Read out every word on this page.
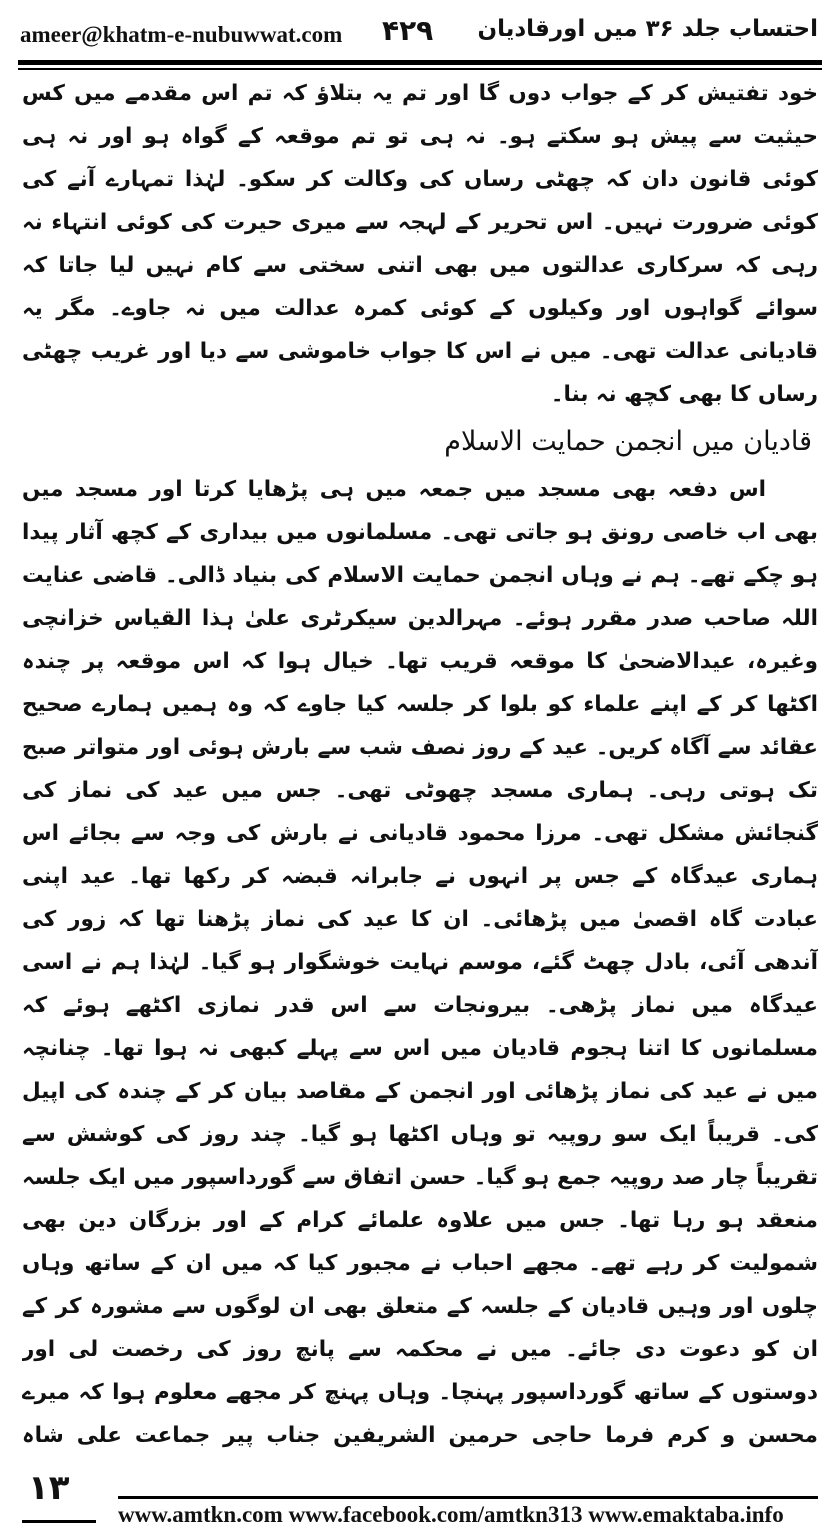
ameer@khatm-e-nubuwwat.com ۴۲۹ احتساب جلد ۳۶ میں اورقادیان

خود تفتیش کر کے جواب دوں گا اور تم یہ بتلاؤ کہ تم اس مقدمے میں کس حیثیت سے پیش ہو سکتے ہو۔ نہ ہی تو تم موقعہ کے گواہ ہو اور نہ ہی کوئی قانون دان کہ چھٹی رساں کی وکالت کر سکو۔ لہٰذا تمہارے آنے کی کوئی ضرورت نہیں۔ اس تحریر کے لہجہ سے میری حیرت کی کوئی انتہاء نہ رہی کہ سرکاری عدالتوں میں بھی اتنی سختی سے کام نہیں لیا جاتا کہ سوائے گواہوں اور وکیلوں کے کوئی کمرہ عدالت میں نہ جاوے۔ مگر یہ قادیانی عدالت تھی۔ میں نے اس کا جواب خاموشی سے دیا اور غریب چھٹی رساں کا بھی کچھ نہ بنا۔

قادیان میں انجمن حمایت الاسلام

اس دفعہ بھی مسجد میں جمعہ میں ہی پڑھایا کرتا اور مسجد میں بھی اب خاصی رونق ہو جاتی تھی۔ مسلمانوں میں بیداری کے کچھ آثار پیدا ہو چکے تھے۔ ہم نے وہاں انجمن حمایت الاسلام کی بنیاد ڈالی۔ قاضی عنایت اللہ صاحب صدر مقرر ہوئے۔ مہرالدین سیکرٹری علیٰ ہذا القیاس خزانچی وغیرہ، عیدالاضحیٰ کا موقعہ قریب تھا۔ خیال ہوا کہ اس موقعہ پر چندہ اکٹھا کر کے اپنے علماء کو بلوا کر جلسہ کیا جاوے کہ وہ ہمیں ہمارے صحیح عقائد سے آگاہ کریں۔ عید کے روز نصف شب سے بارش ہوئی اور متواتر صبح تک ہوتی رہی۔ ہماری مسجد چھوٹی تھی۔ جس میں عید کی نماز کی گنجائش مشکل تھی۔ مرزا محمود قادیانی نے بارش کی وجہ سے بجائے اس ہماری عیدگاہ کے جس پر انہوں نے جابرانہ قبضہ کر رکھا تھا۔ عید اپنی عبادت گاہ اقصیٰ میں پڑھائی۔ ان کا عید کی نماز پڑھنا تھا کہ زور کی آندھی آئی، بادل چھٹ گئے، موسم نہایت خوشگوار ہو گیا۔ لہٰذا ہم نے اسی عیدگاہ میں نماز پڑھی۔ بیرونجات سے اس قدر نمازی اکٹھے ہوئے کہ مسلمانوں کا اتنا ہجوم قادیان میں اس سے پہلے کبھی نہ ہوا تھا۔ چنانچہ میں نے عید کی نماز پڑھائی اور انجمن کے مقاصد بیان کر کے چندہ کی اپیل کی۔ قریباً ایک سو روپیہ تو وہاں اکٹھا ہو گیا۔ چند روز کی کوشش سے تقریباً چار صد روپیہ جمع ہو گیا۔ حسن اتفاق سے گورداسپور میں ایک جلسہ منعقد ہو رہا تھا۔ جس میں علاوہ علمائے کرام کے اور بزرگان دین بھی شمولیت کر رہے تھے۔ مجھے احباب نے مجبور کیا کہ میں ان کے ساتھ وہاں چلوں اور وہیں قادیان کے جلسہ کے متعلق بھی ان لوگوں سے مشورہ کر کے ان کو دعوت دی جائے۔ میں نے محکمہ سے پانچ روز کی رخصت لی اور دوستوں کے ساتھ گورداسپور پہنچا۔ وہاں پہنچ کر مجھے معلوم ہوا کہ میرے محسن و کرم فرما حاجی حرمین الشریفین جناب پیر جماعت علی شاہ

۱۳
www.amtkn.com www.facebook.com/amtkn313 www.emaktaba.info
